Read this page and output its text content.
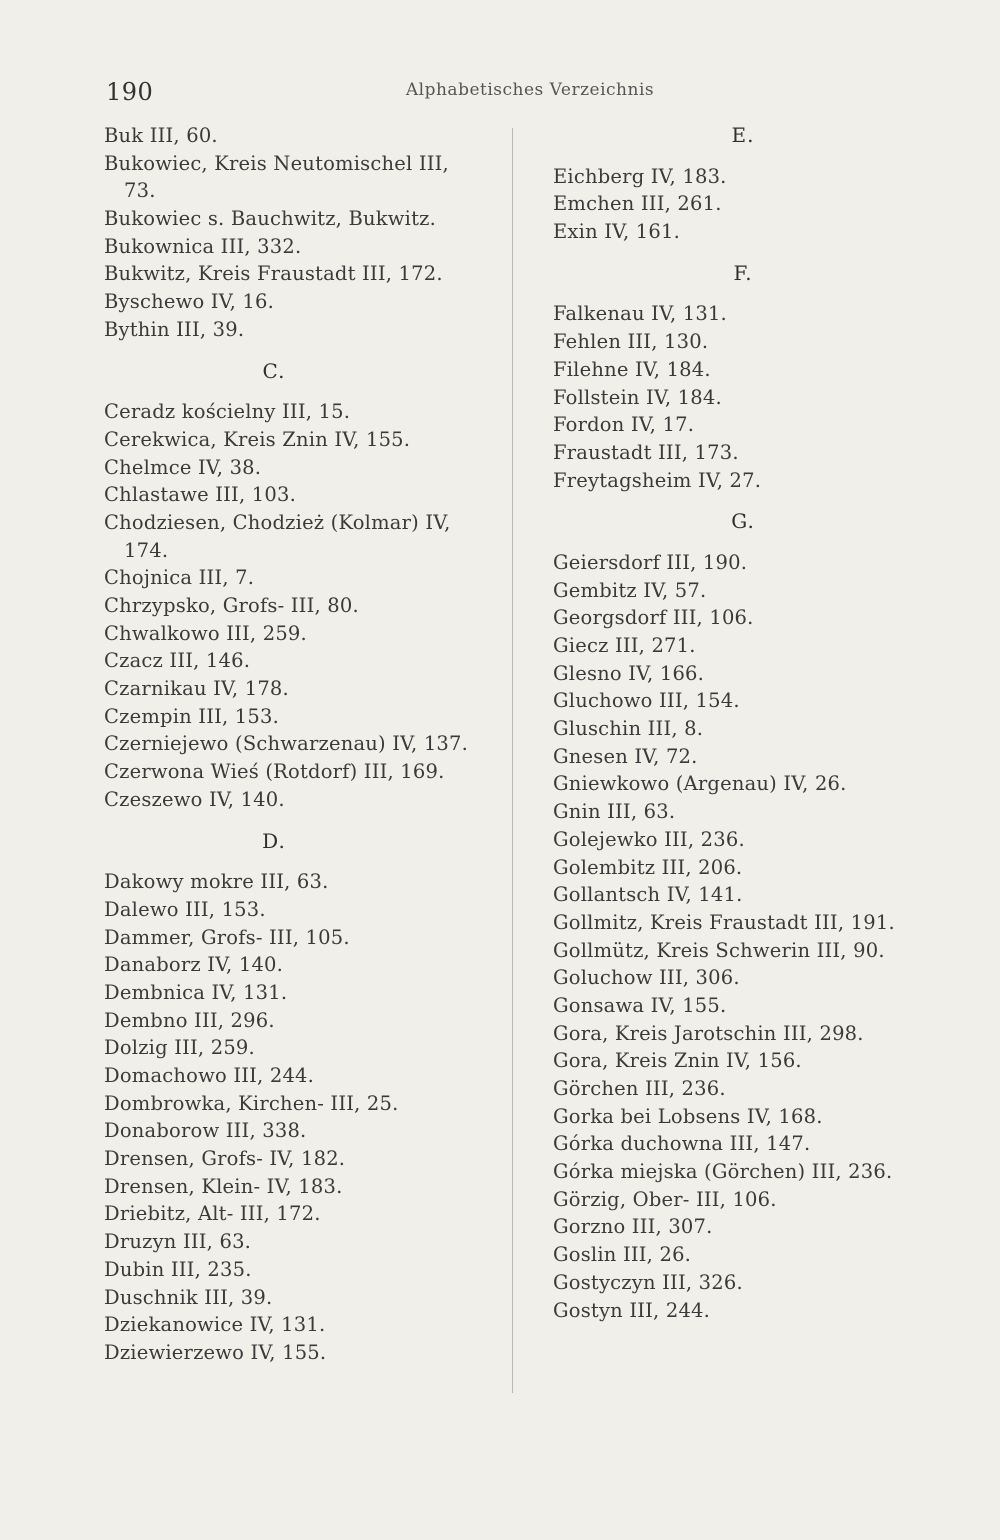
190	Alphabetisches Verzeichnis
Buk III, 60.
Bukowiec, Kreis Neutomischel III,
73.
Bukowiec s. Bauchwitz, Bukwitz.
Bukownica III, 332.
Bukwitz, Kreis Fraustadt III, 172.
Byschewo IV, 16.
Bythin III, 39.
C.
Ceradz kościelny III, 15.
Cerekwica, Kreis Znin IV, 155.
Chelmce IV, 38.
Chlastawe III, 103.
Chodziesen, Chodzież (Kolmar) IV,
174.
Chojnica III, 7.
Chrzypsko, Grofs- III, 80.
Chwalkowo III, 259.
Czacz III, 146.
Czarnikau IV, 178.
Czempin III, 153.
Czerniejewo (Schwarzenau) IV, 137.
Czerwona Wieś (Rotdorf) III, 169.
Czeszewo IV, 140.
D.
Dakowy mokre III, 63.
Dalewo III, 153.
Dammer, Grofs- III, 105.
Danaborz IV, 140.
Dembnica IV, 131.
Dembno III, 296.
Dolzig III, 259.
Domachowo III, 244.
Dombrowka, Kirchen- III, 25.
Donaborow III, 338.
Drensen, Grofs- IV, 182.
Drensen, Klein- IV, 183.
Driebitz, Alt- III, 172.
Druzyn III, 63.
Dubin III, 235.
Duschnik III, 39.
Dziekanowice IV, 131.
Dziewierzewo IV, 155.
E.
Eichberg IV, 183.
Emchen III, 261.
Exin IV, 161.
F.
Falkenau IV, 131.
Fehlen III, 130.
Filehne IV, 184.
Follstein IV, 184.
Fordon IV, 17.
Fraustadt III, 173.
Freytagsheim IV, 27.
G.
Geiersdorf III, 190.
Gembitz IV, 57.
Georgsdorf III, 106.
Giecz III, 271.
Glesno IV, 166.
Gluchowo III, 154.
Gluschin III, 8.
Gnesen IV, 72.
Gniewkowo (Argenau) IV, 26.
Gnin III, 63.
Golejewko III, 236.
Golembitz III, 206.
Gollantsch IV, 141.
Gollmitz, Kreis Fraustadt III, 191.
Gollmütz, Kreis Schwerin III, 90.
Goluchow III, 306.
Gonsawa IV, 155.
Gora, Kreis Jarotschin III, 298.
Gora, Kreis Znin IV, 156.
Görchen III, 236.
Gorka bei Lobsens IV, 168.
Górka duchowna III, 147.
Górka miejska (Görchen) III, 236.
Görzig, Ober- III, 106.
Gorzno III, 307.
Goslin III, 26.
Gostyczyn III, 326.
Gostyn III, 244.
